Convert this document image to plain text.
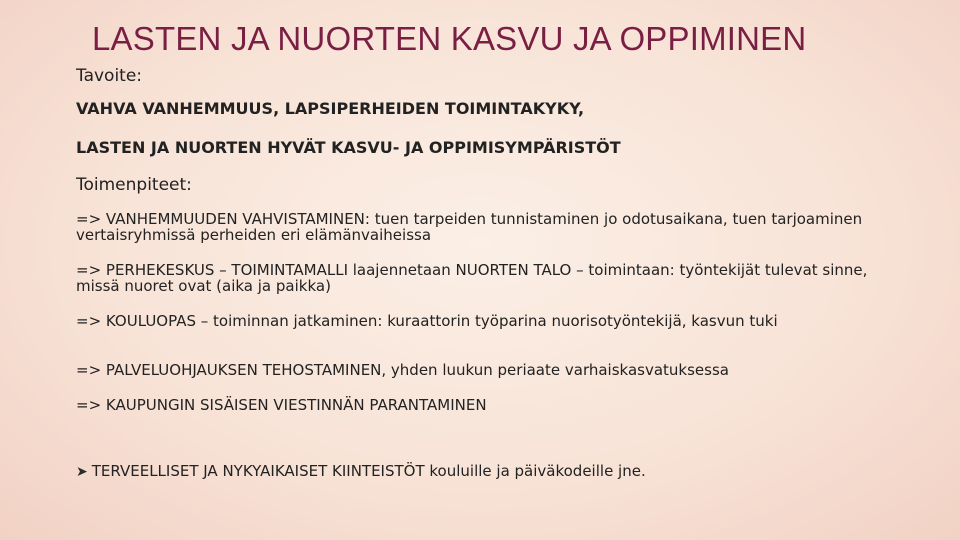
LASTEN JA NUORTEN KASVU JA OPPIMINEN
Tavoite:
VAHVA VANHEMMUUS, LAPSIPERHEIDEN TOIMINTAKYKY,
LASTEN JA NUORTEN HYVÄT KASVU- JA OPPIMISYMPÄRISTÖT
Toimenpiteet:
=> VANHEMMUUDEN VAHVISTAMINEN: tuen tarpeiden tunnistaminen jo odotusaikana, tuen tarjoaminen vertaisryhmissä perheiden eri elämänvaiheissa
=> PERHEKESKUS – TOIMINTAMALLI laajennetaan NUORTEN TALO – toimintaan: työntekijät tulevat sinne, missä nuoret ovat (aika ja paikka)
=> KOULUOPAS – toiminnan jatkaminen: kuraattorin työparina nuorisotyöntekijä, kasvun tuki
=> PALVELUOHJAUKSEN TEHOSTAMINEN, yhden luukun periaate varhaiskasvatuksessa
=> KAUPUNGIN SISÄISEN VIESTINNÄN PARANTAMINEN
➤ TERVEELLISET JA NYKYAIKAISET KIINTEISTÖT kouluille ja päiväkodeille jne.
